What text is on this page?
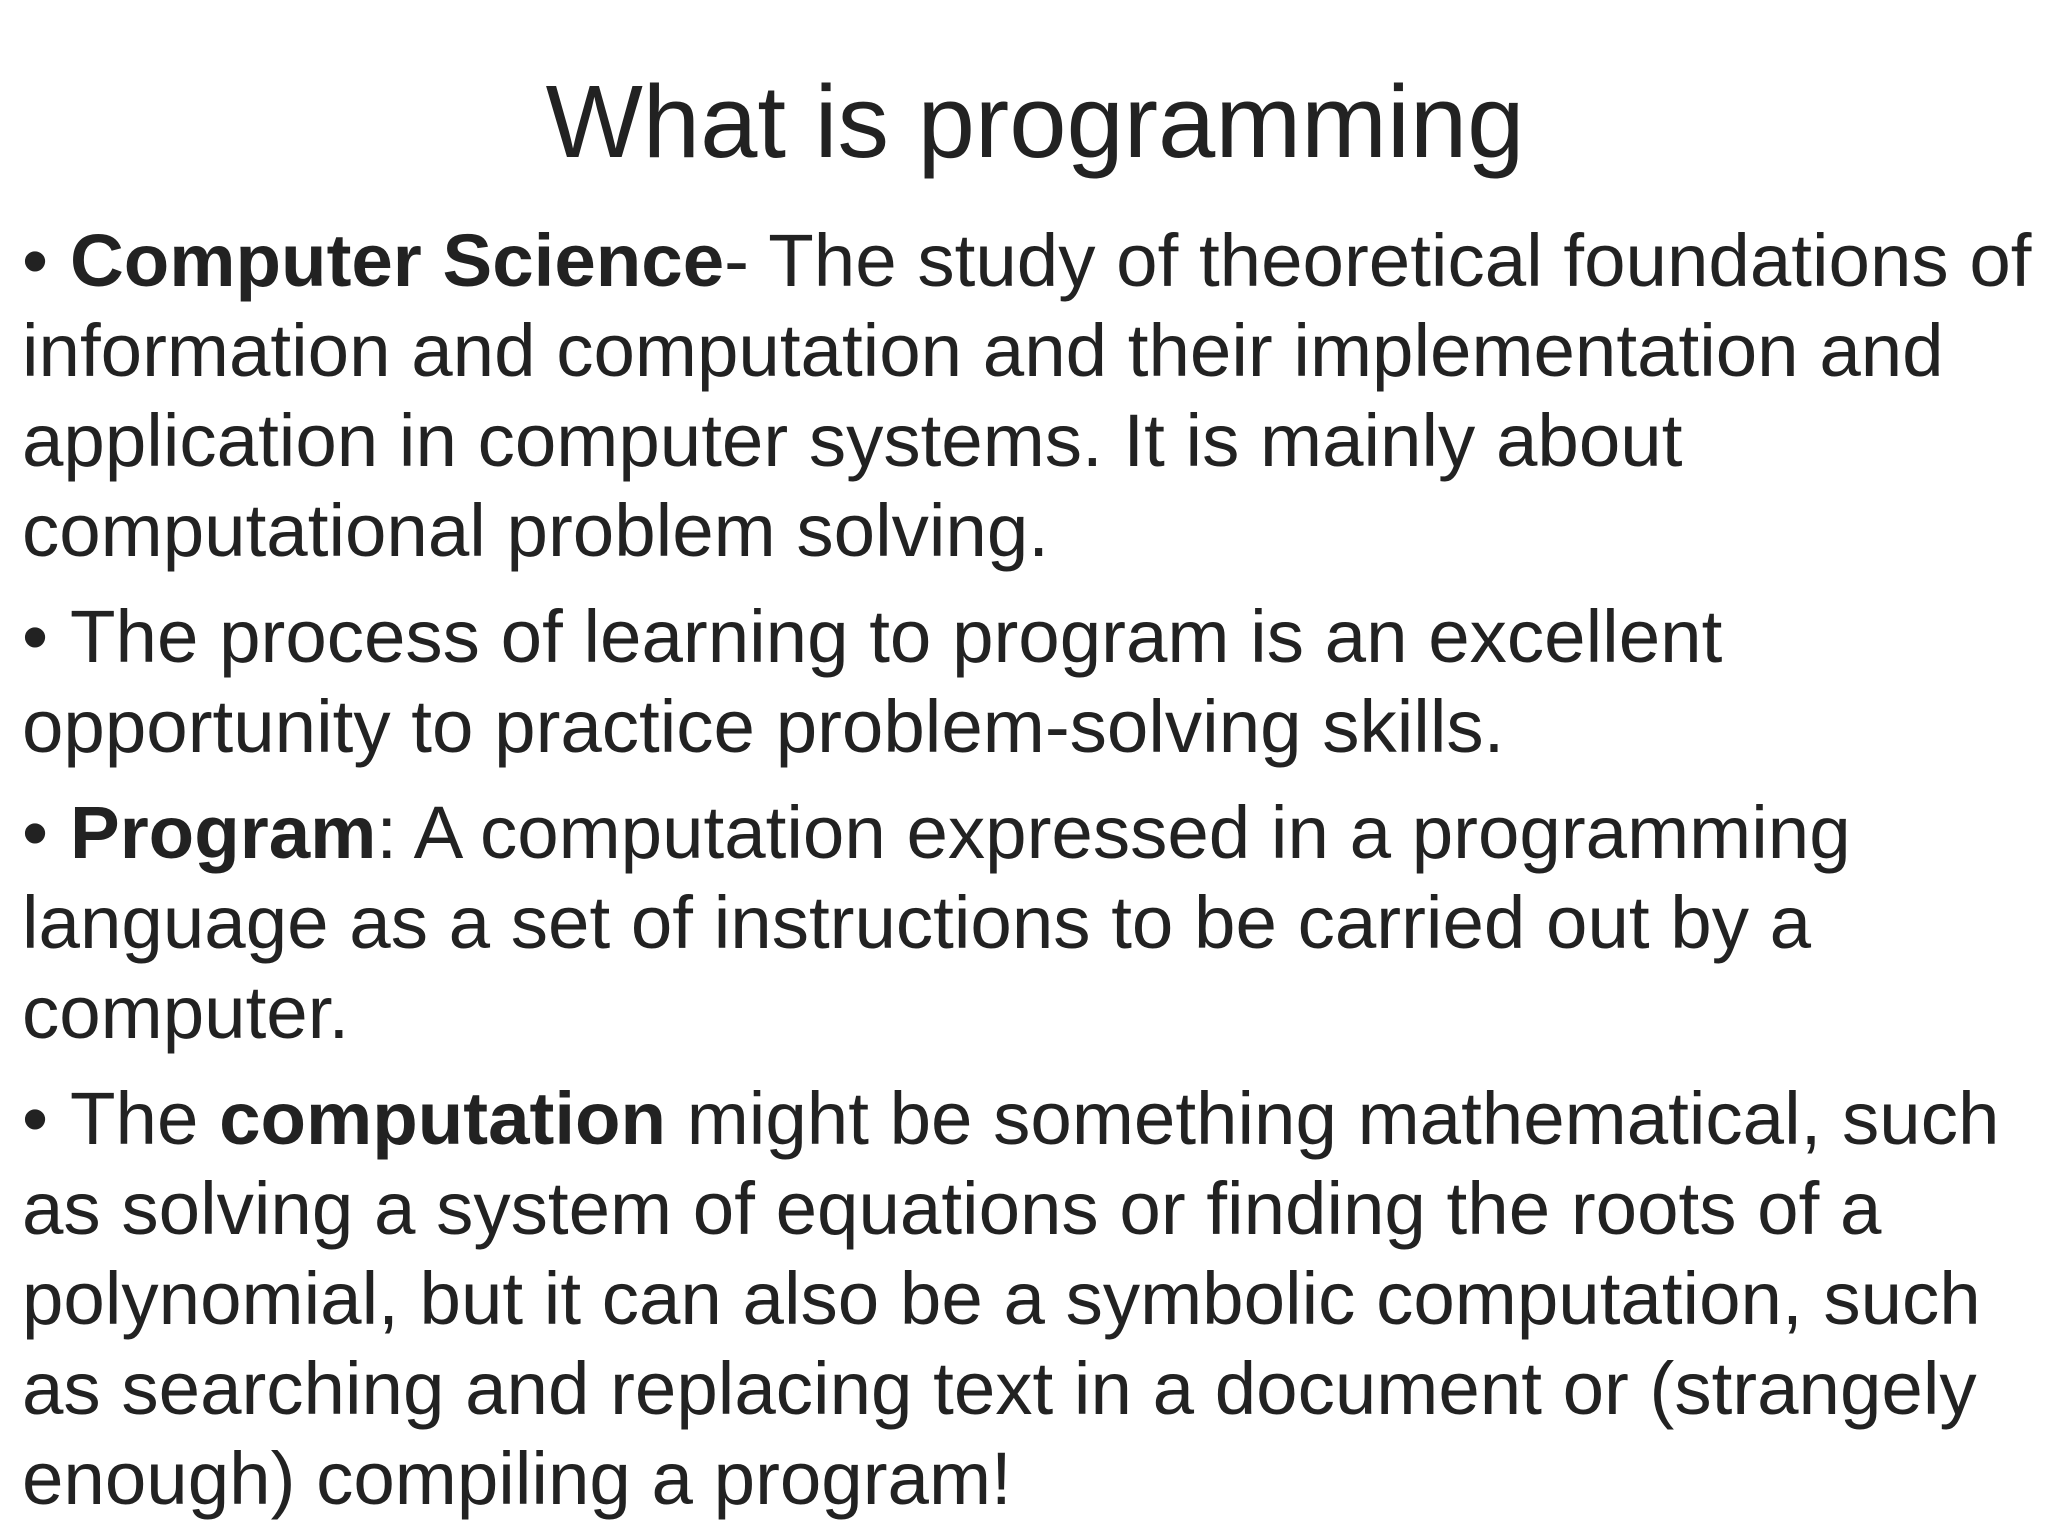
What is programming
• Computer Science- The study of theoretical foundations of information and computation and their implementation and application in computer systems. It is mainly about computational problem solving.
• The process of learning to program is an excellent opportunity to practice problem-solving skills.
• Program: A computation expressed in a programming language as a set of instructions to be carried out by a computer.
• The computation might be something mathematical, such as solving a system of equations or finding the roots of a polynomial, but it can also be a symbolic computation, such as searching and replacing text in a document or (strangely enough) compiling a program!
